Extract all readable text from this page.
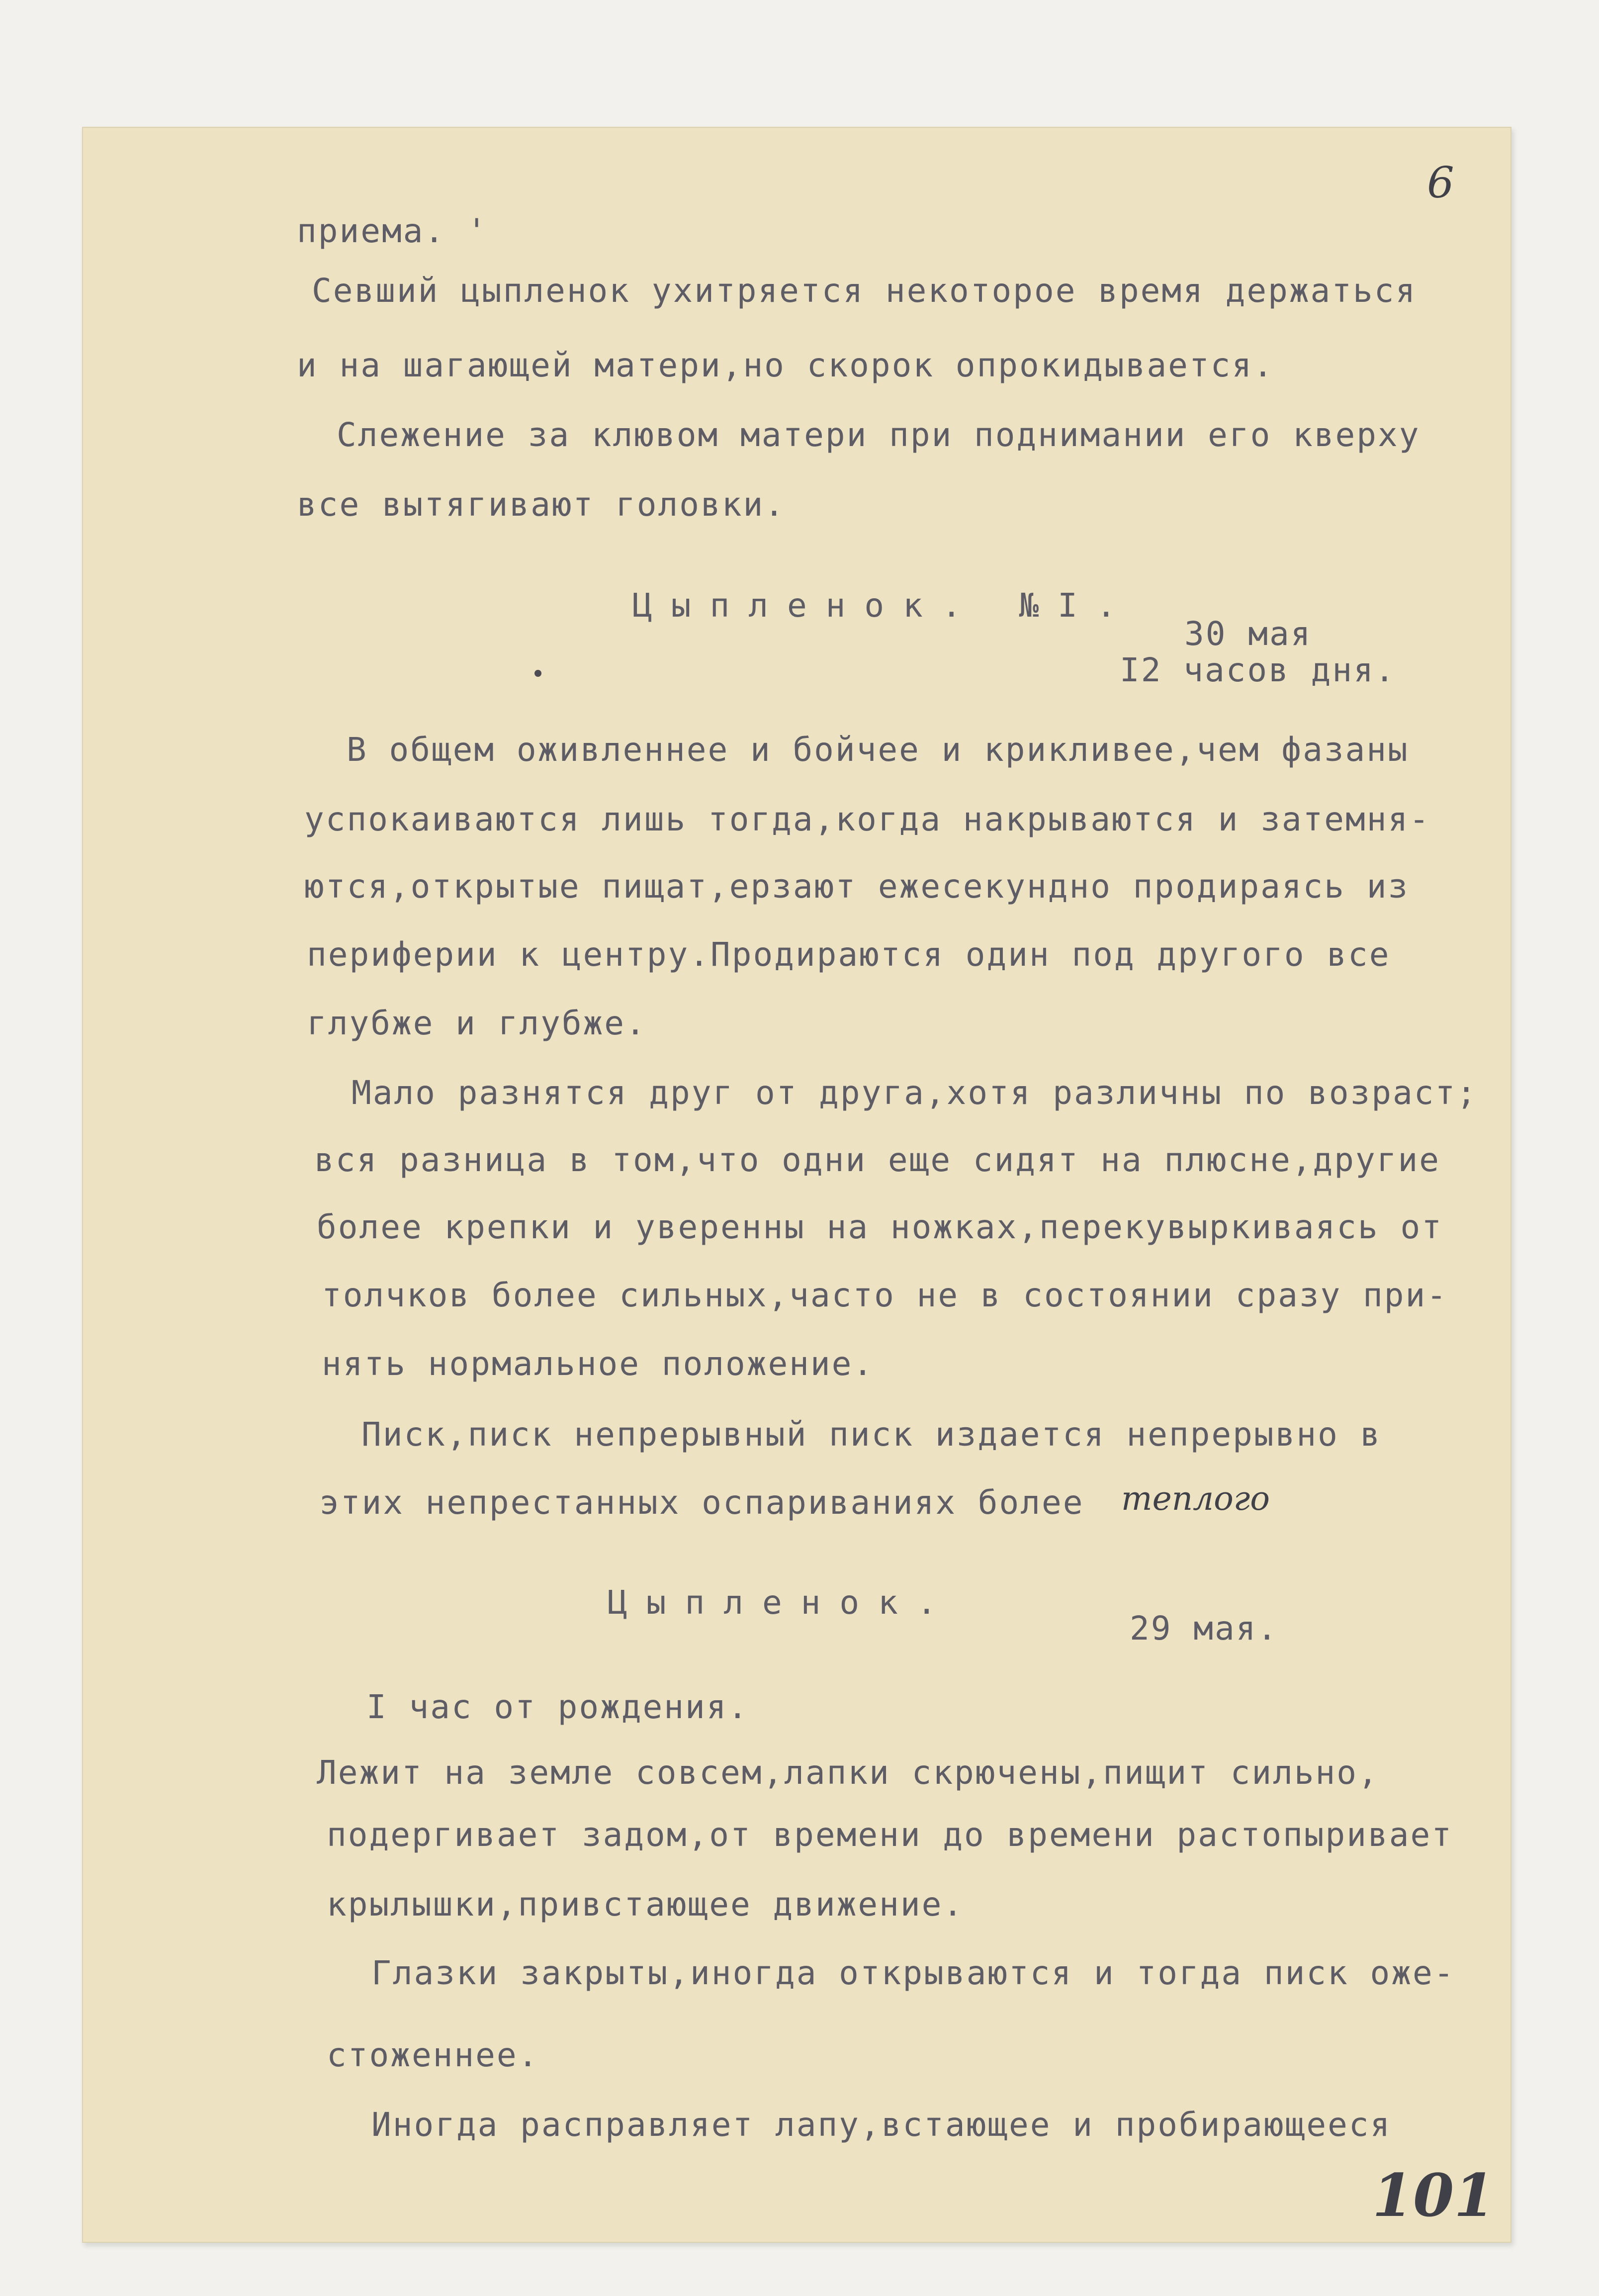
6

приема. '

Севший цыпленок ухитряется некоторое время держаться

и на шагающей матери,но скорок опрокидывается.

Слежение за клювом матери при поднимании его кверху

все вытягивают головки.

Цыпленок. №I.

30 мая

I2 часов дня.

В общем оживленнее и бойчее и крикливее,чем фазаны

успокаиваются лишь тогда,когда накрываются и затемня-

ются,открытые пищат,ерзают ежесекундно продираясь из

периферии к центру.Продираются один под другого все

глубже и глубже.

Мало разнятся друг от друга,хотя различны по возраст;

вся разница в том,что одни еще сидят на плюсне,другие

более крепки и уверенны на ножках,перекувыркиваясь от

толчков более сильных,часто не в состоянии сразу при-

нять нормальное положение.

Писк,писк непрерывный писк издается непрерывно в

этих непрестанных оспариваниях более теплого

Цыпленок.

29 мая.

I час от рождения.

Лежит на земле совсем,лапки скрючены,пищит сильно,

подергивает задом,от времени до времени растопыривает

крылышки,привстающее движение.

Глазки закрыты,иногда открываются и тогда писк оже-

стоженнее.

Иногда расправляет лапу,встающее и пробирающееся

101
